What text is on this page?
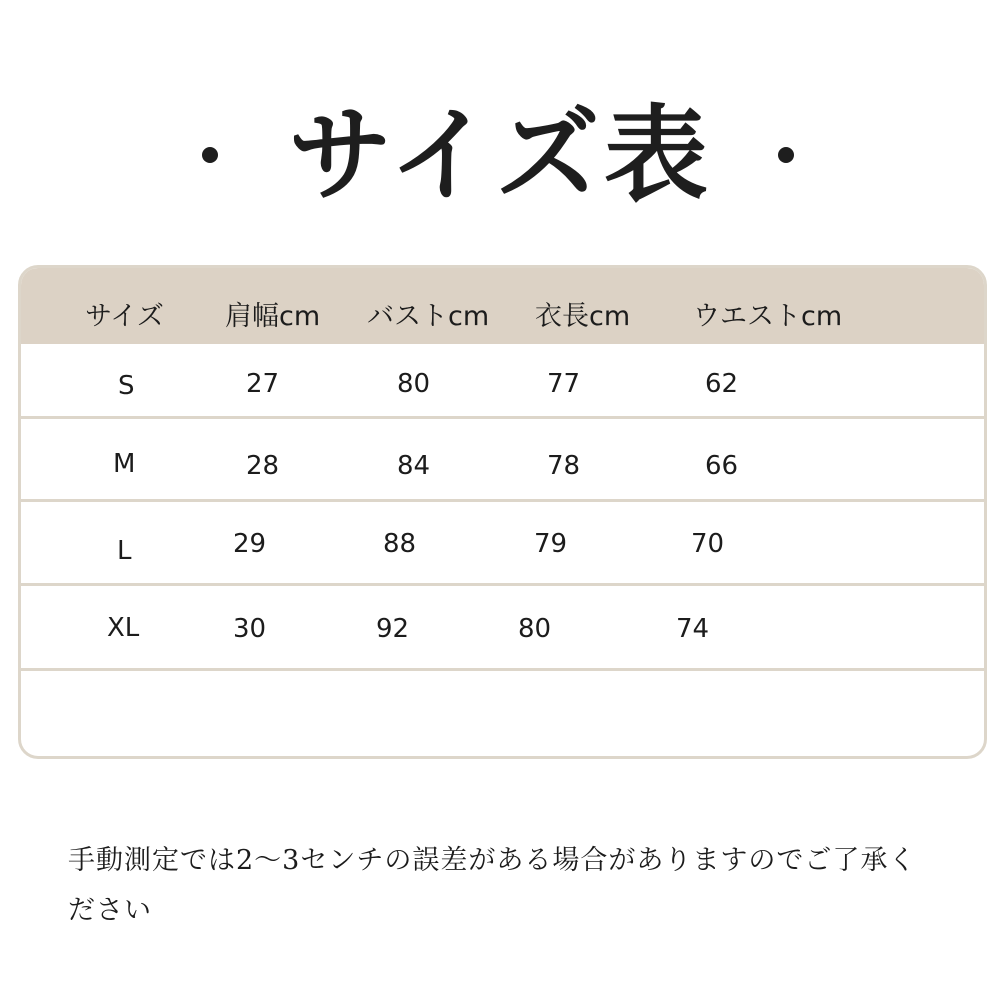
サイズ表
サイズ 肩幅cm バストcm 衣長cm ウエストcm
S	27	80	77	62
M	28	84	78	66
L	29	88	79	70
XL	30	92	80	74
手動測定では2〜3センチの誤差がある場合がありますのでご了承く
ださい
